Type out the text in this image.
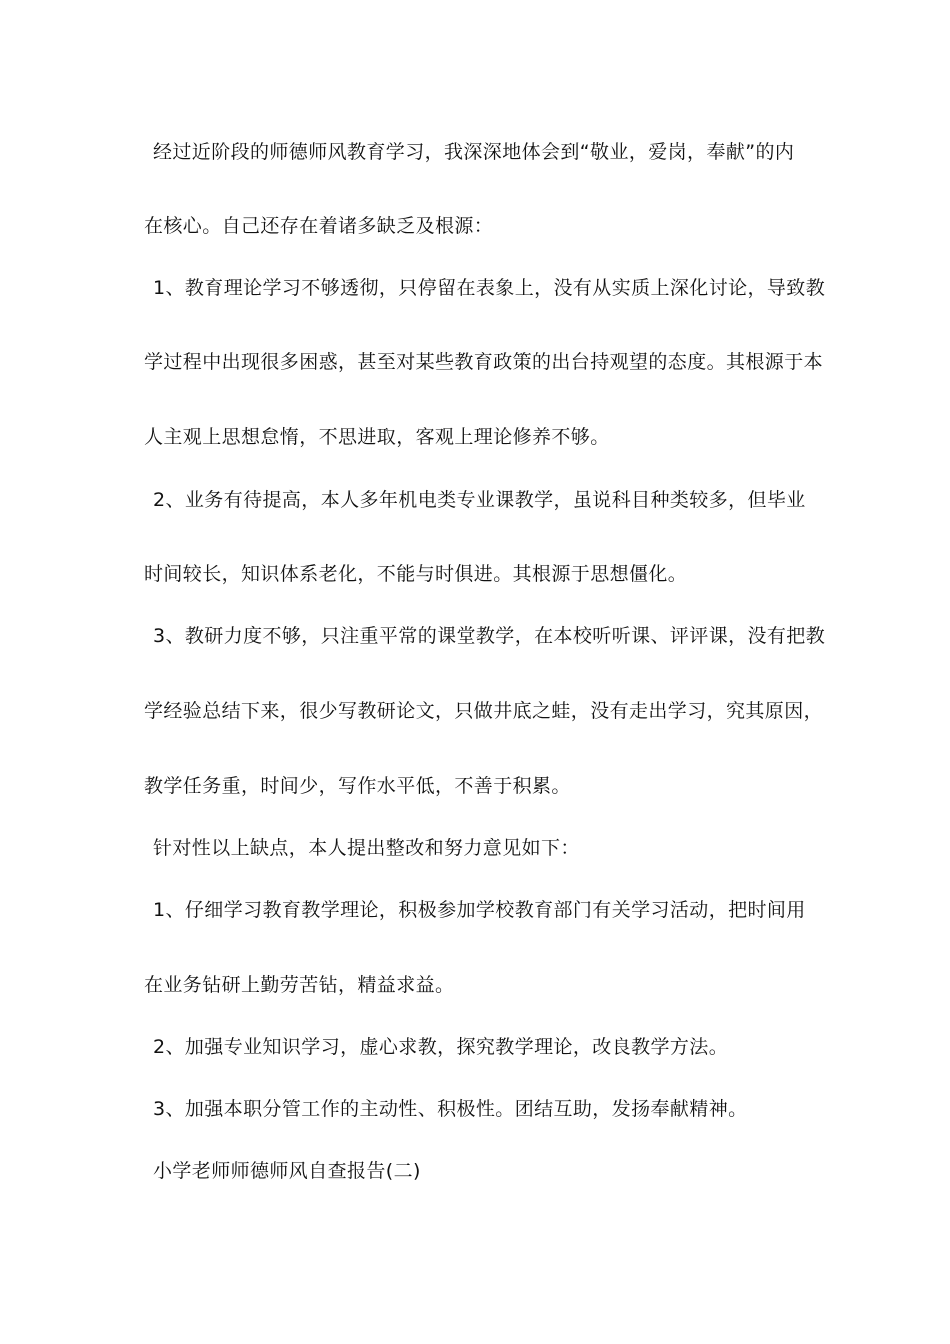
经过近阶段的师德师风教育学习，我深深地体会到“敬业，爱岗，奉献”的内
在核心。自己还存在着诸多缺乏及根源：
1、教育理论学习不够透彻，只停留在表象上，没有从实质上深化讨论，导致教
学过程中出现很多困惑，甚至对某些教育政策的出台持观望的态度。其根源于本
人主观上思想怠惰，不思进取，客观上理论修养不够。
2、业务有待提高，本人多年机电类专业课教学，虽说科目种类较多，但毕业
时间较长，知识体系老化，不能与时俱进。其根源于思想僵化。
3、教研力度不够，只注重平常的课堂教学，在本校听听课、评评课，没有把教
学经验总结下来，很少写教研论文，只做井底之蛙，没有走出学习，究其原因，
教学任务重，时间少，写作水平低，不善于积累。
针对性以上缺点，本人提出整改和努力意见如下：
1、仔细学习教育教学理论，积极参加学校教育部门有关学习活动，把时间用
在业务钻研上勤劳苦钻，精益求益。
2、加强专业知识学习，虚心求教，探究教学理论，改良教学方法。
3、加强本职分管工作的主动性、积极性。团结互助，发扬奉献精神。
小学老师师德师风自查报告(二)
